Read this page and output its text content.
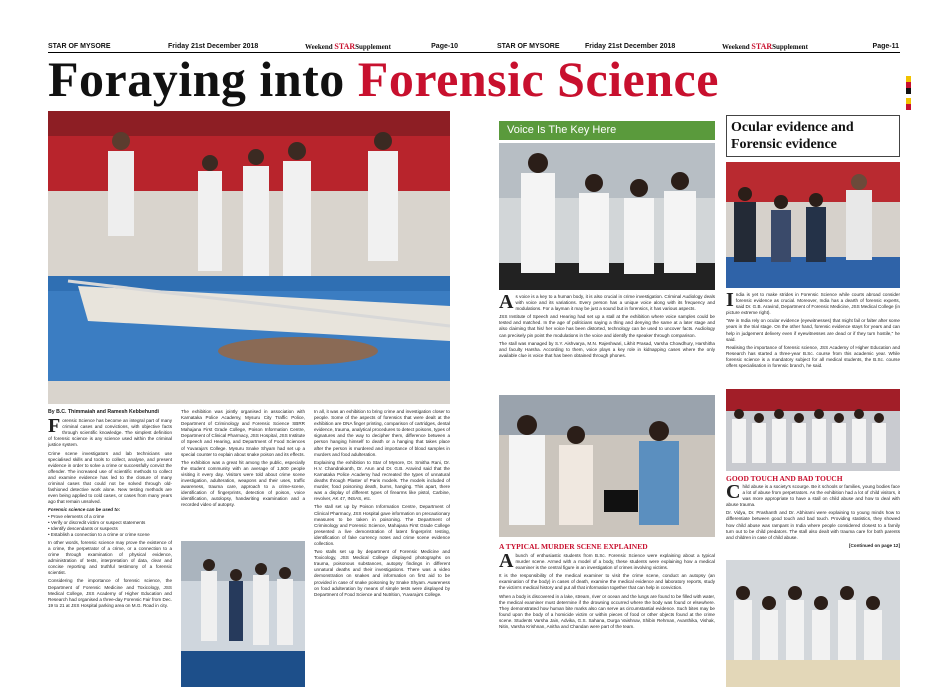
STAR OF MYSORE	Friday 21st December 2018	Weekend STARSupplement	Page-10	STAR OF MYSORE	Friday 21st December 2018	Weekend STARSupplement	Page-11
Foraying into Forensic Science
By B.C. Thimmaiah and Ramesh Kebbehundi

Forensic Science has become an integral part of many criminal cases and convictions, with objective facts through scientific knowledge. The simplest definition of forensic science is any science used within the criminal justice system.

Crime scene investigators and lab technicians use specialised skills and tools to collect, analyse, and present evidence in order to solve a crime or successfully convict the offender. The increased use of scientific methods to collect and examine evidence has led to the closure of many criminal cases that could not be solved through old-fashioned detective work alone. New testing methods are even being applied to cold cases, or cases from many years ago that remain unsolved.

Forensic science can be used to:

• Prove elements of a crime

• Verify or discredit victim or suspect statements

• Identify descendants or suspects

• Establish a connection to a crime or crime scene

In other words, forensic science may prove the existence of a crime, the perpetrator of a crime, or a connection to a crime through examination of physical evidence, administration of tests, interpretation of data, clear and concise reporting and truthful testimony of a forensic scientist.

Considering the importance of forensic science, the Department of Forensic Medicine and Toxicology, JSS Medical College, JSS Academy of Higher Education and Research had organised a three-day Forensic Fair from Dec. 19 to 21 at JSS Hospital parking area on M.G. Road in city.

The exhibition was jointly organised in association with Karnataka Police Academy, Mysuru City Traffic Police, Department of Criminology and Forensic Science SBRR Mahajana First Grade College, Poison Information Centre, Department of Clinical Pharmacy, JSS Hospital, JSS Institute of Speech and Hearing, and Department of Food Sciences of Yuvaraja's College. Mysuru Snake Shyam had set up a special counter to explain about snake poison and its effects.

The exhibition was a great hit among the public, especially the student community with an average of 1,500 people visiting it every day. Visitors were told about crime scene investigation, adulteration, weapons and their uses, traffic awareness, trauma care, approach to a crime-scene, identification of fingerprints, detection of poison, voice identification, autolopsy, handwriting examination and a recorded video of autopsy.

In all, it was an exhibition to bring crime and investigation closer to people. Some of the aspects of forensics that were dealt at the exhibition are DNA finger printing, comparison of cartridges, dental evidence, trauma, analytical procedures to detect poisons, types of signatures and the way to decipher them, difference between a person hanging himself to death or a hanging that takes place after the person is murdered and importance of blood samples in murders and food adulteration.

Explaining the exhibition to Star of Mysore, Dr. Smitha Rani, Dr. H.V. Chandrakanth, Dr. Arun and Dr. G.B. Aravind said that the Karnataka Police Academy had recreated the types of unnatural deaths through Plaster of Paris models. The models included of murder, food poisoning death, burns, hanging. This apart, there was a display of different types of firearms like pistol, Carbine, revolver, AK 47, INSAS, etc.

The stall set up by Poison Information Centre, Department of Clinical Pharmacy, JSS Hospital gave information on precautionary measures to be taken in poisoning. The Department of Criminology and Forensic Science, Mahajana First Grade College presented a live demonstration of latent fingerprint testing, identification of fake currency notes and crime scene evidence collection.

Two stalls set up by department of Forensic Medicine and Toxicology, JSS Medical College displayed photographs on trauma, poisonous substances, autopsy findings in different unnatural deaths and their investigations. There was a video demonstration on snakes and information on first aid to be provided in case of snake poisoning by Snake Shyam. Awareness on food adulteration by means of simple tests were displayed by Department of Food Science and Nutrition, Yuvaraja's College.

Voice Is The Key Here

As voice is a key to a human body, it is also crucial in crime investigation. Criminal Audiology deals with voice and its variations. Every person has a unique voice along with its frequency and modulations. For a layman it may be just a sound but in forensics, it has various aspects.

JSS Institute of Speech and Hearing had set up a stall at the exhibition where voice samples could be tested and matched. In the age of politicians saying a thing and denying the same at a later stage and also claiming that his/ her voice has been distorted, technology can be used to uncover facts. Audiology can precisely pin point the modulations in the voice and identify the speaker through comparison.

The stall was managed by S.Y. Aishvarya, M.N. Rajeshwari, Likhit Prasad, Varsha Chowdhury, Harshitha and faculty Harsha. According to them, voice plays a key role in kidnapping cases where the only available clue is voice that has been obtained through phones.

A TYPICAL MURDER SCENE EXPLAINED

A bunch of enthusiastic students from B.Sc. Forensic Science were explaining about a typical murder scene. Armed with a model of a body, these students were explaining how a medical examiner is the central figure in an investigation of crimes involving victims.

It is the responsibility of the medical examiner to visit the crime scene, conduct an autopsy (an examination of the body) in cases of death, examine the medical evidence and laboratory reports, study the victim's medical history and put all that information together that can help in conviction.

When a body is discovered in a lake, stream, river or ocean and the lungs are found to be filled with water, the medical examiner must determine if the drowning occurred where the body was found or elsewhere. They demonstrated how human bite marks also can serve as circumstantial evidence. Such bites may be found upon the body of a homicide victim or within pieces of food or other objects found at the crime scene. Students Varsha Jain, Advika, G.S. Sahana, Durga Vaishnav, Shibin Rehman, Avanthika, Vishak, Nitin, Varsha Krishnan, Anitha and Chandan were part of the team.

Ocular evidence and Forensic evidence

India is yet to make strides in Forensic Science while courts abroad consider forensic evidence as crucial. Moreover, India has a dearth of forensic experts, said Dr. G.B. Aravind, Department of Forensic Medicine, JSS Medical College (in picture extreme right).

"We in India rely on ocular evidence (eyewitnesses) that might fail or falter after some years in the trial stage. On the other hand, forensic evidence stays for years and can help in judgement delivery even if eyewitnesses are dead or if they turn hostile," he said.

Realising the importance of forensic science, JSS Academy of Higher Education and Research has started a three-year B.Sc. course from this academic year. While forensic science is a mandatory subject for all medical students, the B.Sc. course offers specialisation in forensic branch, he said.

GOOD TOUCH AND BAD TOUCH

Child abuse is a society's scourge. Be it schools or families, young bodies face a lot of abuse from perpetrators. As the exhibition had a lot of child visitors, it was more appropriate to have a stall on child abuse and how to deal with abuse trauma.

Dr. Vidya, Dr. Prashanth and Dr. Abhirami were explaining to young minds how to differentiate between good touch and bad touch. Providing statistics, they showed how child abuse was rampant in India where people considered closest to a family turn out to be child predators. The stall also dealt with trauma care for both parents and children in case of child abuse.

[Continued on page 12]
